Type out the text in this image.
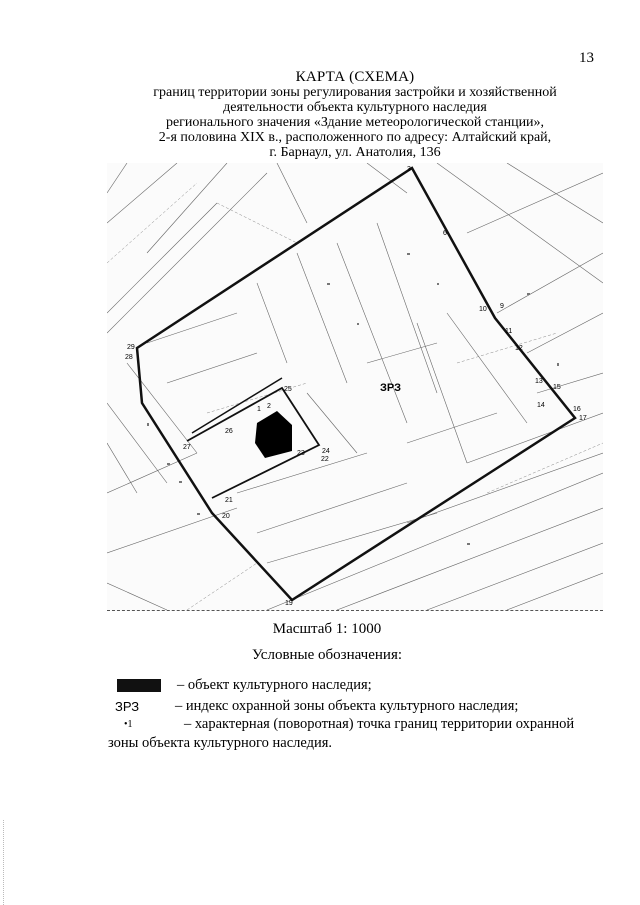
13
КАРТА (СХЕМА)
границ территории зоны регулирования застройки и хозяйственной
деятельности объекта культурного наследия
регионального значения «Здание метеорологической станции»,
2-я половина XIX в., расположенного по адресу: Алтайский край,
г. Барнаул, ул. Анатолия, 136
ЗРЗ
3
6
9
10
11
12
13
14
15
16
17
19
20
21
22
23 24
25
26
27
28
29
1 2
Масштаб 1: 1000
Условные обозначения:
– объект культурного наследия;
ЗРЗ	– индекс охранной зоны объекта культурного наследия;
•1	– характерная (поворотная) точка границ территории охранной
зоны объекта культурного наследия.
